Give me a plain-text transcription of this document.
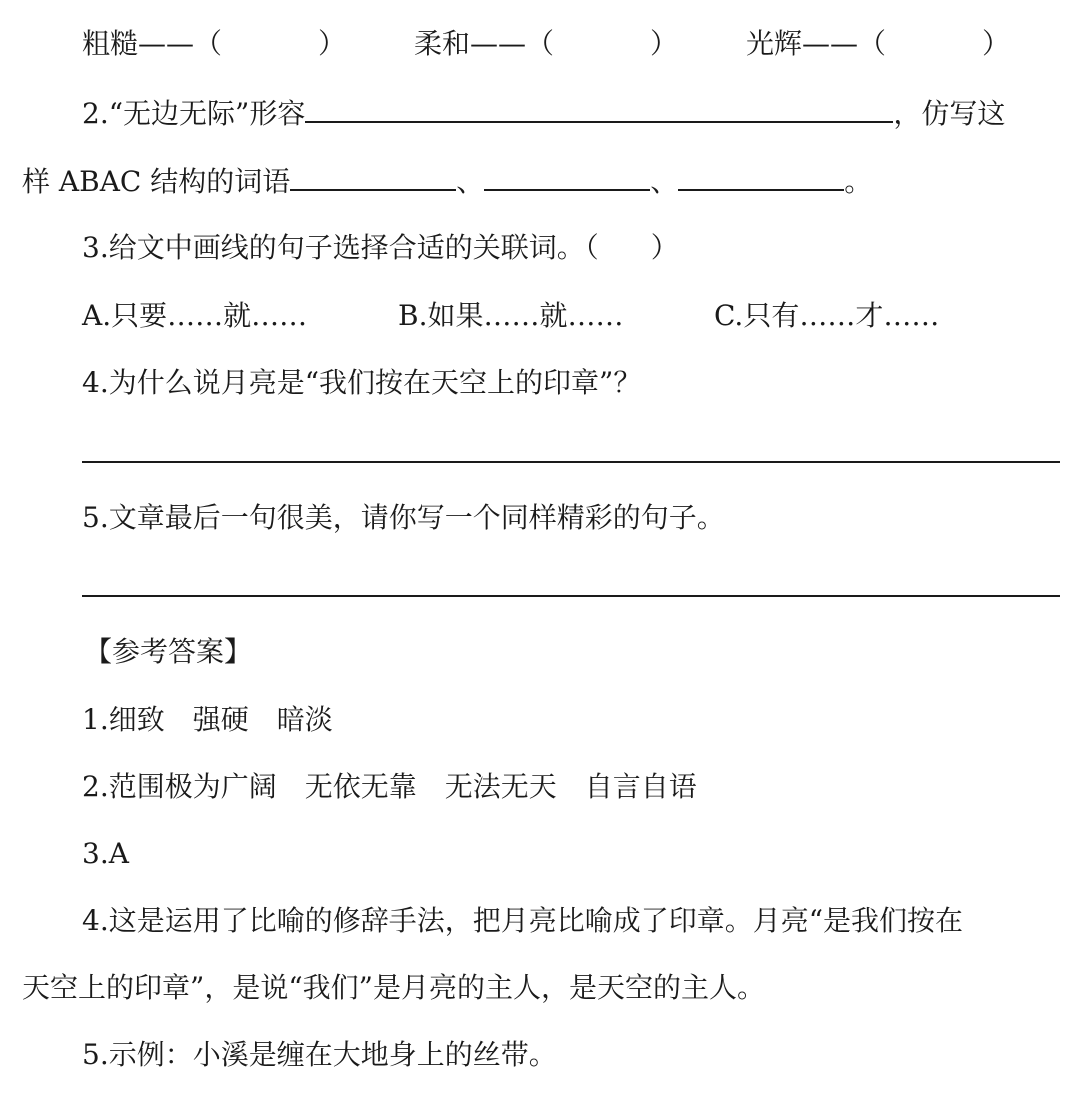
粗糙——（	） 柔和——（	） 光辉——（	）
2.“无边无际”形容	，仿写这
样 ABAC 结构的词语	、	、	。
3.给文中画线的句子选择合适的关联词。（ ）
A.只要……就……	B.如果……就……	C.只有……才……
4.为什么说月亮是“我们按在天空上的印章”？
5.文章最后一句很美，请你写一个同样精彩的句子。
【参考答案】
1.细致　强硬　暗淡
2.范围极为广阔　无依无靠　无法无天　自言自语
3.A
4.这是运用了比喻的修辞手法，把月亮比喻成了印章。月亮“是我们按在
天空上的印章”，是说“我们”是月亮的主人，是天空的主人。
5.示例：小溪是缠在大地身上的丝带。
